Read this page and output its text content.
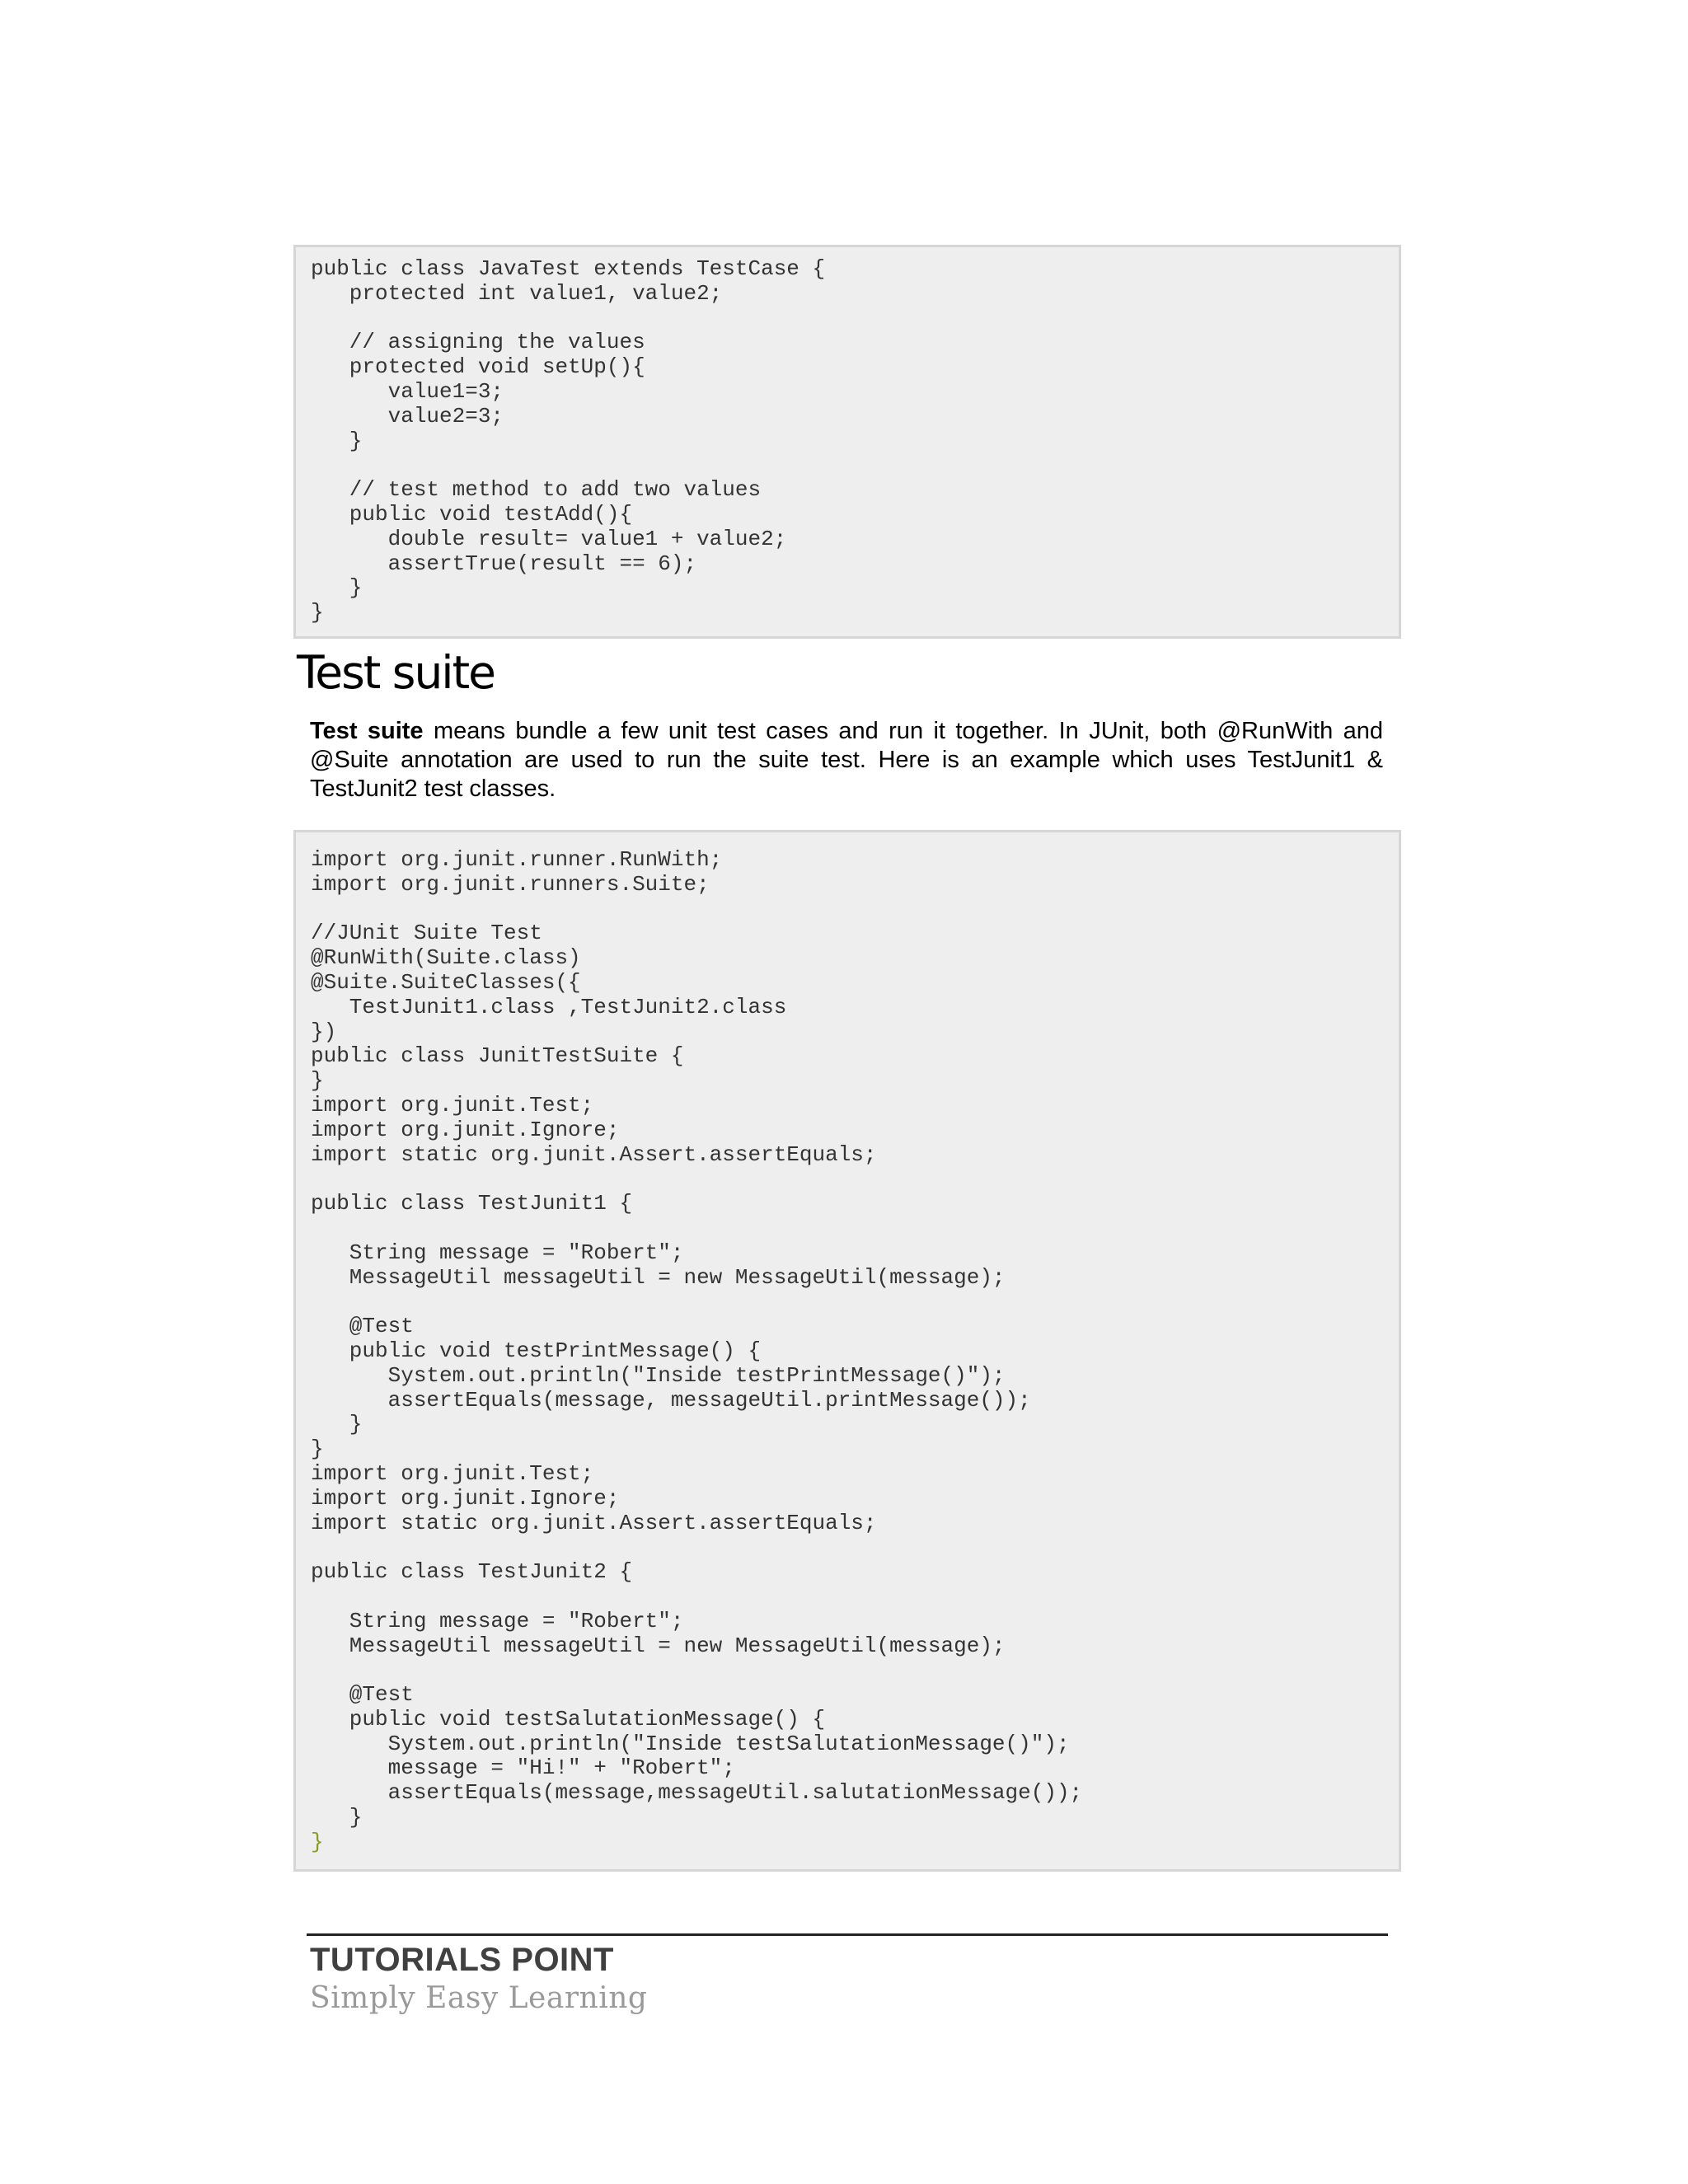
public class JavaTest extends TestCase {
protected int value1, value2;
// assigning the values
protected void setUp(){
value1=3;
value2=3;
}
// test method to add two values
public void testAdd(){
double result= value1 + value2;
assertTrue(result == 6);
}
}
Test suite

Test suite means bundle a few unit test cases and run it together. In JUnit, both @RunWith and @Suite annotation are used to run the suite test. Here is an example which uses TestJunit1 & TestJunit2 test classes.

import org.junit.runner.RunWith;
import org.junit.runners.Suite;
//JUnit Suite Test
@RunWith(Suite.class)
@Suite.SuiteClasses({
TestJunit1.class ,TestJunit2.class
})
public class JunitTestSuite {
}
import org.junit.Test;
import org.junit.Ignore;
import static org.junit.Assert.assertEquals;
public class TestJunit1 {
String message = "Robert";
MessageUtil messageUtil = new MessageUtil(message);
@Test
public void testPrintMessage() {
System.out.println("Inside testPrintMessage()");
assertEquals(message, messageUtil.printMessage());
}
}
import org.junit.Test;
import org.junit.Ignore;
import static org.junit.Assert.assertEquals;
public class TestJunit2 {
String message = "Robert";
MessageUtil messageUtil = new MessageUtil(message);
@Test
public void testSalutationMessage() {
System.out.println("Inside testSalutationMessage()");
message = "Hi!" + "Robert";
assertEquals(message,messageUtil.salutationMessage());
}
}
TUTORIALS POINT
Simply Easy Learning
